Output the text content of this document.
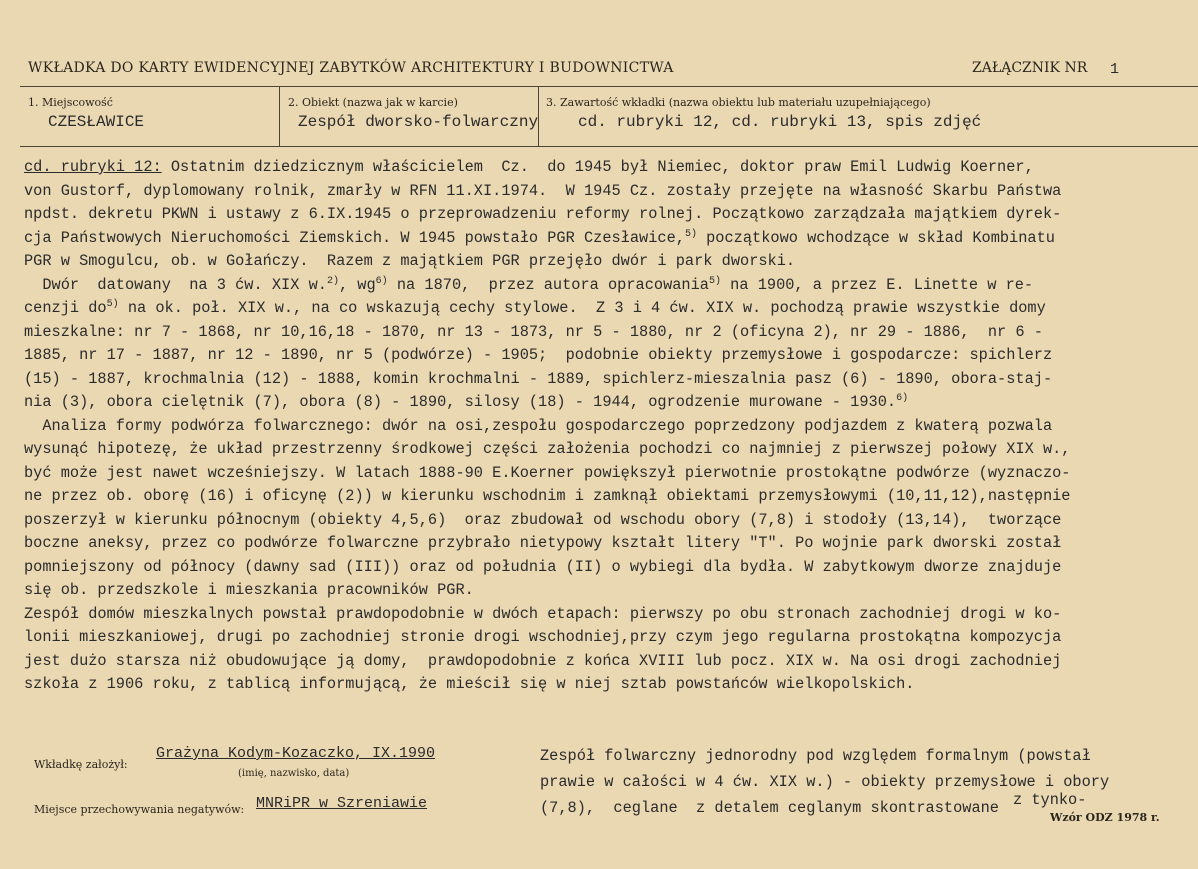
WKŁADKA DO KARTY EWIDENCYJNEJ ZABYTKÓW ARCHITEKTURY I BUDOWNICTWA	ZAŁĄCZNIK NR 1
1. Miejscowość
CZESŁAWICE
2. Obiekt (nazwa jak w karcie)
Zespół dworsko-folwarczny
3. Zawartość wkładki (nazwa obiektu lub materiału uzupełniającego)
cd. rubryki 12, cd. rubryki 13, spis zdjęć
cd. rubryki 12: Ostatnim dziedzicznym właścicielem  Cz.  do 1945 był Niemiec, doktor praw Emil Ludwig Koerner,
von Gustorf, dyplomowany rolnik, zmarły w RFN 11.XI.1974.  W 1945 Cz. zostały przejęte na własność Skarbu Państwa
npdst. dekretu PKWN i ustawy z 6.IX.1945 o przeprowadzeniu reformy rolnej. Początkowo zarządzała majątkiem dyrek-
cja Państwowych Nieruchomości Ziemskich. W 1945 powstało PGR Czesławice,$^{5)}$ początkowo wchodzące w skład Kombinatu
PGR w Smogulcu, ob. w Gołańczy.  Razem z majątkiem PGR przejęło dwór i park dworski.
Dwór  datowany  na 3 ćw. XIX w.$^{2)}$, $wg^{6)}$ na 1870,  przez autora opracowania$^{5)}$ na 1900, a przez E. Linette w re-
cenzji $do^{5)}$ na ok. poł. XIX w., na co wskazują cechy stylowe.  Z 3 i 4 ćw. XIX w. pochodzą prawie wszystkie domy
mieszkalne: nr 7 - 1868, nr 10,16,18 - 1870, nr 13 - 1873, nr 5 - 1880, nr 2 (oficyna 2), nr 29 - 1886,  nr 6 -
1885, nr 17 - 1887, nr 12 - 1890, nr 5 (podwórze) - 1905;  podobnie obiekty przemysłowe i gospodarcze: spichlerz
(15) - 1887, krochmalnia (12) - 1888, komin krochmalni - 1889, spichlerz-mieszalnia pasz (6) - 1890, obora-staj-
nia (3), obora cielętnik (7), obora (8) - 1890, silosy (18) - 1944, ogrodzenie murowane - 1930.$^{6)}$
Analiza formy podwórza folwarcznego: dwór na osi,zespołu gospodarczego poprzedzony podjazdem z kwaterą pozwala
wysunąć hipotezę, że układ przestrzenny środkowej części założenia pochodzi co najmniej z pierwszej połowy XIX w.,
być może jest nawet wcześniejszy. W latach 1888-90 E.Koerner powiększył pierwotnie prostokątne podwórze (wyznaczo-
ne przez ob. oborę (16) i oficynę (2)) w kierunku wschodnim i zamknął obiektami przemysłowymi (10,11,12),następnie
poszerzył w kierunku północnym (obiekty 4,5,6)  oraz zbudował od wschodu obory (7,8) i stodoły (13,14),  tworzące
boczne aneksy, przez co podwórze folwarczne przybrało nietypowy kształt litery "T". Po wojnie park dworski został
pomniejszony od północy (dawny sad (III)) oraz od południa (II) o wybiegi dla bydła. W zabytkowym dworze znajduje
się ob. przedszkole i mieszkania pracowników PGR.
Zespół domów mieszkalnych powstał prawdopodobnie w dwóch etapach: pierwszy po obu stronach zachodniej drogi w ko-
lonii mieszkaniowej, drugi po zachodniej stronie drogi wschodniej,przy czym jego regularna prostokątna kompozycja
jest dużo starsza niż obudowujące ją domy,  prawdopodobnie z końca XVIII lub pocz. XIX w. Na osi drogi zachodniej
szkoła z 1906 roku, z tablicą informującą, że mieścił się w niej sztab powstańców wielkopolskich.
Wkładkę założył:
Grażyna Kodym-Kozaczko, IX.1990
(imię, nazwisko, data)
Miejsce przechowywania negatywów: MNRiPR w Szreniawie
Zespół folwarczny jednorodny pod względem formalnym (powstał
prawie w całości w 4 ćw. XIX w.) - obiekty przemysłowe i obory
(7,8),  ceglane  z detalem ceglanym skontrastowane z tynko-
Wzór ODZ 1978 r.
